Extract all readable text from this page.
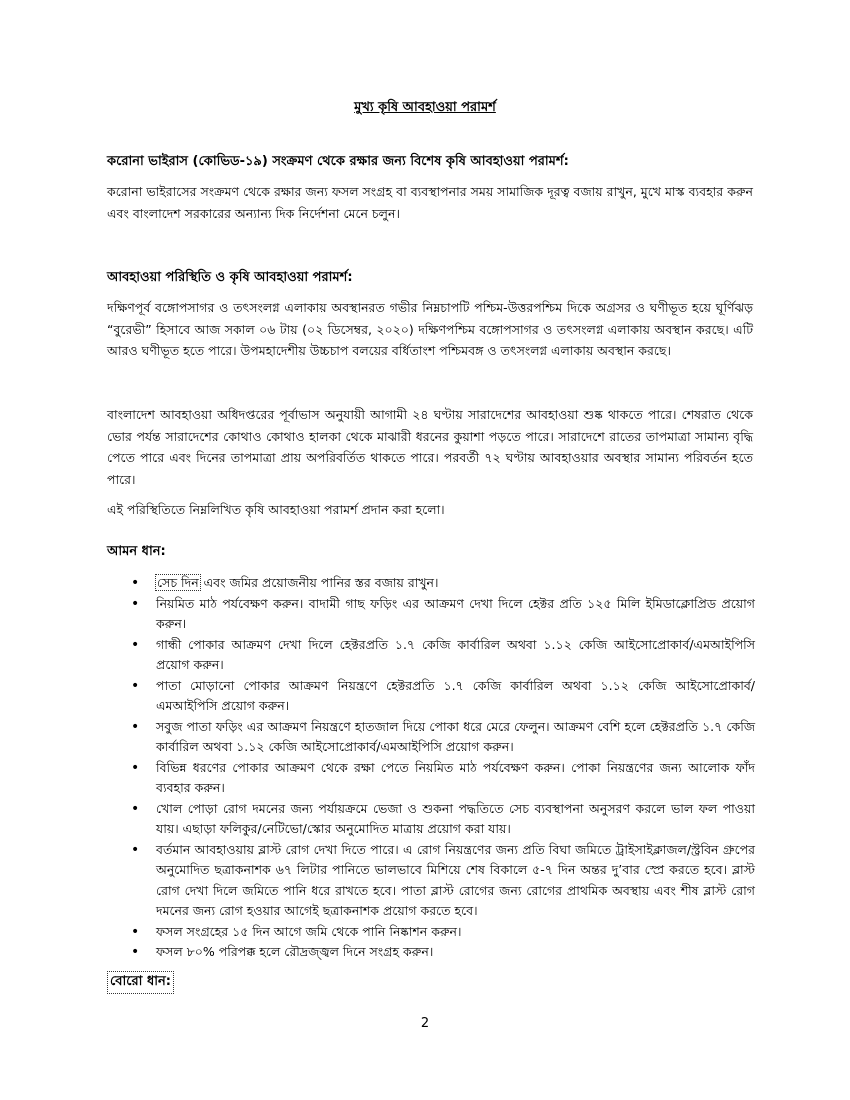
মুখ্য কৃষি আবহাওয়া পরামর্শ
করোনা ভাইরাস (কোভিড-১৯) সংক্রমণ থেকে রক্ষার জন্য বিশেষ কৃষি আবহাওয়া পরামর্শ:
করোনা ভাইরাসের সংক্রমণ থেকে রক্ষার জন্য ফসল সংগ্রহ বা ব্যবস্থাপনার সময় সামাজিক দূরত্ব বজায় রাখুন, মুখে মাস্ক ব্যবহার করুন এবং বাংলাদেশ সরকারের অন্যান্য দিক নির্দেশনা মেনে চলুন।
আবহাওয়া পরিস্থিতি ও কৃষি আবহাওয়া পরামর্শ:
দক্ষিণপূর্ব বঙ্গোপসাগর ও তৎসংলগ্ন এলাকায় অবস্থানরত গভীর নিম্নচাপটি পশ্চিম-উত্তরপশ্চিম দিকে অগ্রসর ও ঘণীভূত হয়ে ঘূর্ণিঝড় “বুরেভী” হিসাবে আজ সকাল ০৬ টায় (০২ ডিসেম্বর, ২০২০) দক্ষিণপশ্চিম বঙ্গোপসাগর ও তৎসংলগ্ন এলাকায় অবস্থান করছে। এটি আরও ঘণীভূত হতে পারে। উপমহাদেশীয় উচ্চচাপ বলয়ের বর্ধিতাংশ পশ্চিমবঙ্গ ও তৎসংলগ্ন এলাকায় অবস্থান করছে।
বাংলাদেশ আবহাওয়া অধিদপ্তরের পূর্বাভাস অনুযায়ী আগামী ২৪ ঘণ্টায় সারাদেশের আবহাওয়া শুষ্ক থাকতে পারে। শেষরাত থেকে ভোর পর্যন্ত সারাদেশের কোথাও কোথাও হালকা থেকে মাঝারী ধরনের কুয়াশা পড়তে পারে। সারাদেশে রাতের তাপমাত্রা সামান্য বৃদ্ধি পেতে পারে এবং দিনের তাপমাত্রা প্রায় অপরিবর্তিত থাকতে পারে। পরবর্তী ৭২ ঘণ্টায় আবহাওয়ার অবস্থার সামান্য পরিবর্তন হতে পারে।
এই পরিস্থিতিতে নিম্নলিখিত কৃষি আবহাওয়া পরামর্শ প্রদান করা হলো।
আমন ধান:
• সেচ দিন এবং জমির প্রয়োজনীয় পানির স্তর বজায় রাখুন।
• নিয়মিত মাঠ পর্যবেক্ষণ করুন। বাদামী গাছ ফড়িং এর আক্রমণ দেখা দিলে হেক্টর প্রতি ১২৫ মিলি ইমিডাক্লোপ্রিড প্রয়োগ করুন।
• গান্ধী পোকার আক্রমণ দেখা দিলে হেক্টরপ্রতি ১.৭ কেজি কার্বারিল অথবা ১.১২ কেজি আইসোপ্রোকার্ব/এমআইপিসি প্রয়োগ করুন।
• পাতা মোড়ানো পোকার আক্রমণ নিয়ন্ত্রণে হেক্টরপ্রতি ১.৭ কেজি কার্বারিল অথবা ১.১২ কেজি আইসোপ্রোকার্ব/এমআইপিসি প্রয়োগ করুন।
• সবুজ পাতা ফড়িং এর আক্রমণ নিয়ন্ত্রণে হাতজাল দিয়ে পোকা ধরে মেরে ফেলুন। আক্রমণ বেশি হলে হেক্টরপ্রতি ১.৭ কেজি কার্বারিল অথবা ১.১২ কেজি আইসোপ্রোকার্ব/এমআইপিসি প্রয়োগ করুন।
• বিভিন্ন ধরণের পোকার আক্রমণ থেকে রক্ষা পেতে নিয়মিত মাঠ পর্যবেক্ষণ করুন। পোকা নিয়ন্ত্রণের জন্য আলোক ফাঁদ ব্যবহার করুন।
• খোল পোড়া রোগ দমনের জন্য পর্যায়ক্রমে ভেজা ও শুকনা পদ্ধতিতে সেচ ব্যবস্থাপনা অনুসরণ করলে ভাল ফল পাওয়া যায়। এছাড়া ফলিকুর/নেটিভো/স্কোর অনুমোদিত মাত্রায় প্রয়োগ করা যায়।
• বর্তমান আবহাওয়ায় ব্লাস্ট রোগ দেখা দিতে পারে। এ রোগ নিয়ন্ত্রণের জন্য প্রতি বিঘা জমিতে ট্রাইসাইক্লাজল/স্ট্রবিন গ্রুপের অনুমোদিত ছত্রাকনাশক ৬৭ লিটার পানিতে ভালভাবে মিশিয়ে শেষ বিকালে ৫-৭ দিন অন্তর দু’বার স্প্রে করতে হবে। ব্লাস্ট রোগ দেখা দিলে জমিতে পানি ধরে রাখতে হবে। পাতা ব্লাস্ট রোগের জন্য রোগের প্রাথমিক অবস্থায় এবং শীষ ব্লাস্ট রোগ দমনের জন্য রোগ হওয়ার আগেই ছত্রাকনাশক প্রয়োগ করতে হবে।
• ফসল সংগ্রহের ১৫ দিন আগে জমি থেকে পানি নিষ্কাশন করুন।
• ফসল ৮০% পরিপক্ক হলে রৌদ্রজ্জ্বল দিনে সংগ্রহ করুন।
বোরো ধান:
2
